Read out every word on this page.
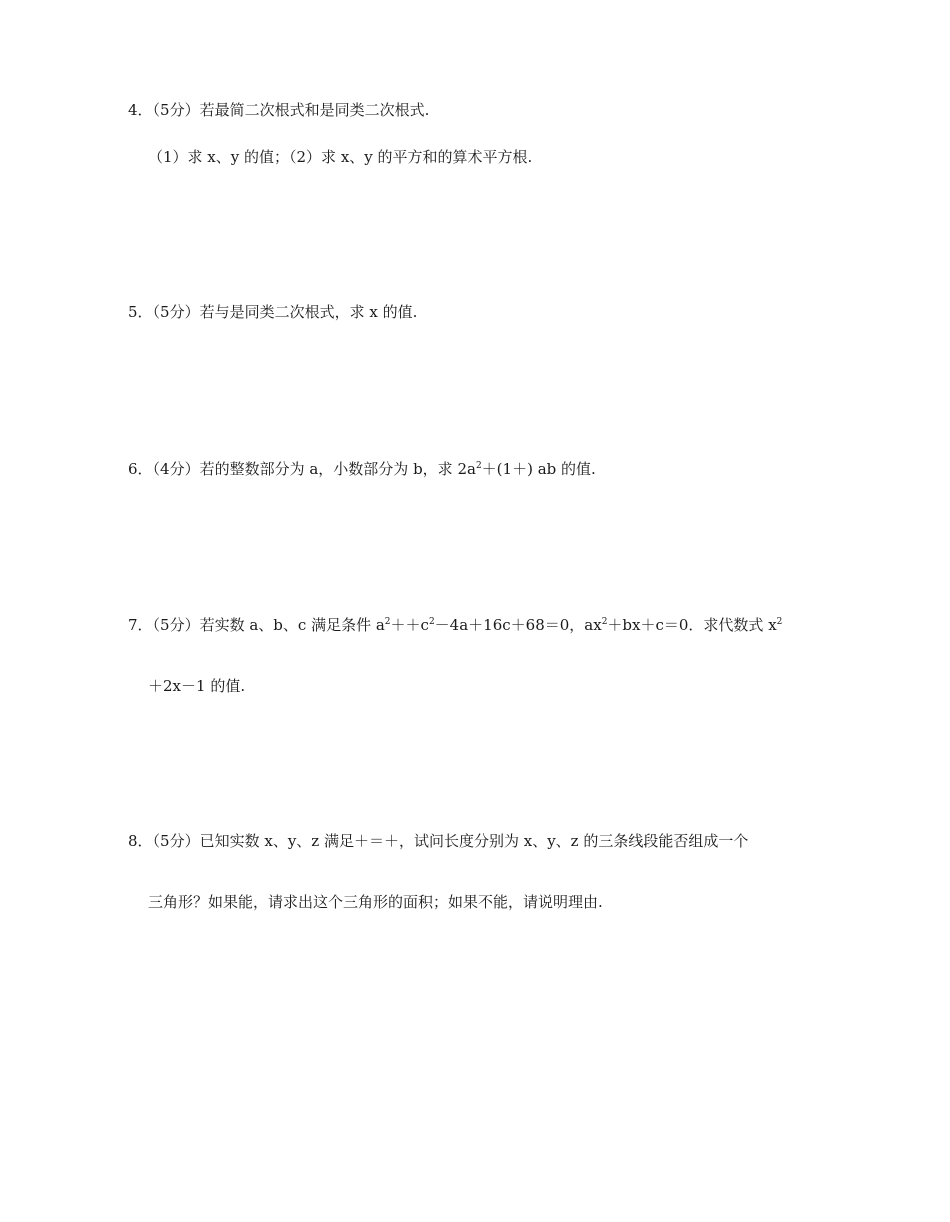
4．（5分）若最简二次根式和是同类二次根式.
（1）求 x、y 的值；（2）求 x、y 的平方和的算术平方根.
5．（5分）若与是同类二次根式，求 x 的值.
6．（4分）若的整数部分为 a，小数部分为 b，求 $2a^2+(1+)$ ab 的值.
7．（5分）若实数 a、b、c 满足条件 $a^2++c^2-4a+16c+68=0$，$ax^2+bx+c=0$．求代数式 $x^2$
＋2x－1 的值.
8．（5分）已知实数 x、y、z 满足＋＝＋，试问长度分别为 x、y、z 的三条线段能否组成一个
三角形？如果能，请求出这个三角形的面积；如果不能，请说明理由.
